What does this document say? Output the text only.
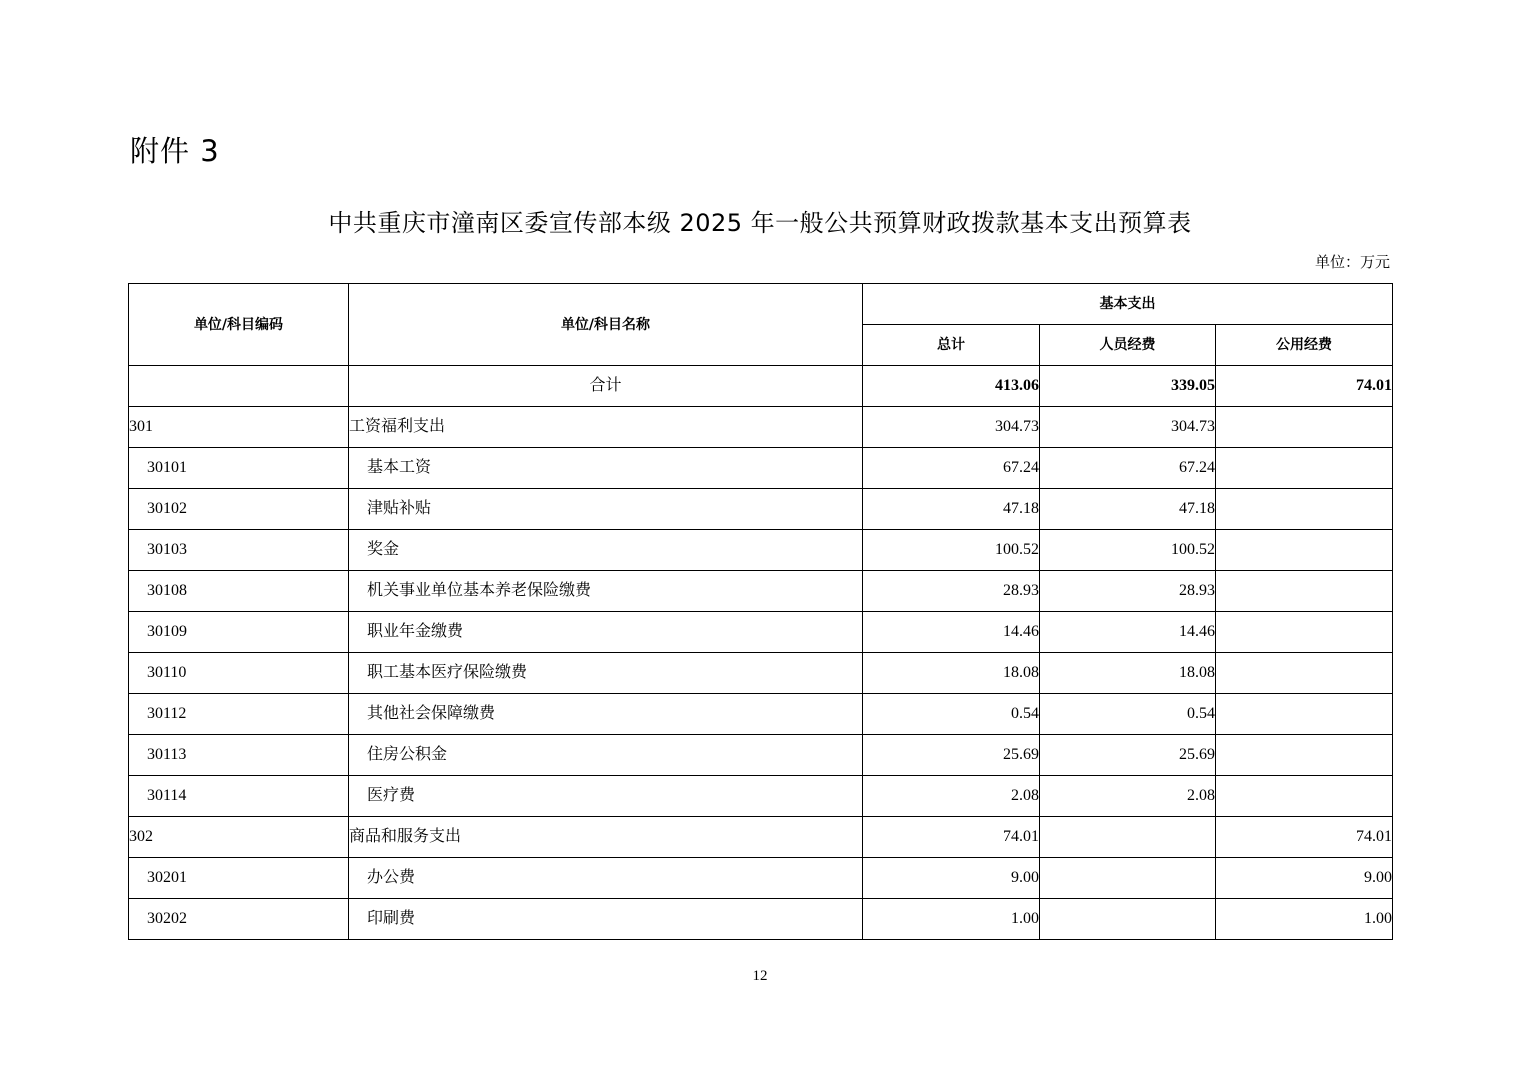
附件 3
中共重庆市潼南区委宣传部本级 2025 年一般公共预算财政拨款基本支出预算表
单位：万元
单位/科目编码	单位/科目名称	基本支出		
		总计	人员经费	公用经费
	合计	413.06	339.05	74.01
301	工资福利支出	304.73	304.73	
30101	基本工资	67.24	67.24	
30102	津贴补贴	47.18	47.18	
30103	奖金	100.52	100.52	
30108	机关事业单位基本养老保险缴费	28.93	28.93	
30109	职业年金缴费	14.46	14.46	
30110	职工基本医疗保险缴费	18.08	18.08	
30112	其他社会保障缴费	0.54	0.54	
30113	住房公积金	25.69	25.69	
30114	医疗费	2.08	2.08	
302	商品和服务支出	74.01		74.01
30201	办公费	9.00		9.00
30202	印刷费	1.00		1.00
12
